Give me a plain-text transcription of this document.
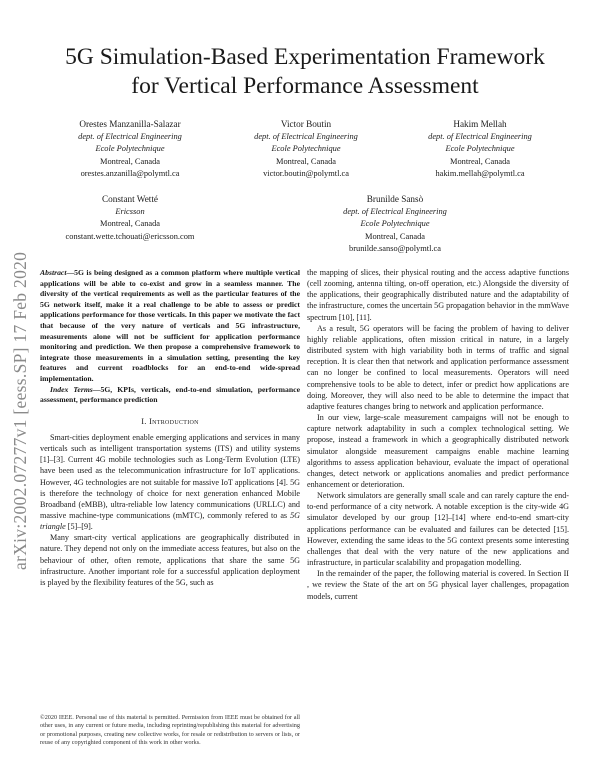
arXiv:2002.07277v1 [eess.SP] 17 Feb 2020
5G Simulation-Based Experimentation Framework
for Vertical Performance Assessment
Orestes Manzanilla-Salazar
dept. of Electrical Engineering
Ecole Polytechnique
Montreal, Canada
orestes.anzanilla@polymtl.ca
Victor Boutin
dept. of Electrical Engineering
Ecole Polytechnique
Montreal, Canada
victor.boutin@polymtl.ca
Hakim Mellah
dept. of Electrical Engineering
Ecole Polytechnique
Montreal, Canada
hakim.mellah@polymtl.ca
Constant Wetté
Ericsson
Montreal, Canada
constant.wette.tchouati@ericsson.com
Brunilde Sansò
dept. of Electrical Engineering
Ecole Polytechnique
Montreal, Canada
brunilde.sanso@polymtl.ca

Abstract—5G is being designed as a common platform where multiple vertical applications will be able to co-exist and grow in a seamless manner. The diversity of the vertical requirements as well as the particular features of the 5G network itself, make it a real challenge to be able to assess or predict applications performance for those verticals. In this paper we motivate the fact that because of the very nature of verticals and 5G infrastructure, measurements alone will not be sufficient for application performance monitoring and prediction. We then propose a comprehensive framework to integrate those measurements in a simulation setting, presenting the key features and current roadblocks for an end-to-end wide-spread implementation.

Index Terms—5G, KPIs, verticals, end-to-end simulation, performance assessment, performance prediction

I. Introduction

Smart-cities deployment enable emerging applications and services in many verticals such as intelligent transportation systems (ITS) and utility systems [1]–[3]. Current 4G mobile technologies such as Long-Term Evolution (LTE) have been used as the telecommunication infrastructure for IoT applications. However, 4G technologies are not suitable for massive IoT applications [4]. 5G is therefore the technology of choice for next generation enhanced Mobile Broadband (eMBB), ultra-reliable low latency communications (URLLC) and massive machine-type communications (mMTC), commonly refered to as 5G triangle [5]–[9].

Many smart-city vertical applications are geographically distributed in nature. They depend not only on the immediate access features, but also on the behaviour of other, often remote, applications that share the same 5G infrastructure. Another important role for a successful application deployment is played by the flexibility features of the 5G, such as

©2020 IEEE. Personal use of this material is permitted. Permission from IEEE must be obtained for all other uses, in any current or future media, including reprinting/republishing this material for advertising or promotional purposes, creating new collective works, for resale or redistribution to servers or lists, or reuse of any copyrighted component of this work in other works.

the mapping of slices, their physical routing and the access adaptive functions (cell zooming, antenna tilting, on-off operation, etc.) Alongside the diversity of the applications, their geographically distributed nature and the adaptability of the infrastructure, comes the uncertain 5G propagation behavior in the mmWave spectrum [10], [11].

As a result, 5G operators will be facing the problem of having to deliver highly reliable applications, often mission critical in nature, in a largely distributed system with high variability both in terms of traffic and signal reception. It is clear then that network and application performance assessment can no longer be confined to local measurements. Operators will need comprehensive tools to be able to detect, infer or predict how applications are doing. Moreover, they will also need to be able to determine the impact that adaptive features changes bring to network and application performance.

In our view, large-scale measurement campaigns will not be enough to capture network adaptability in such a complex technological setting. We propose, instead a framework in which a geographically distributed network simulator alongside measurement campaigns enable machine learning algorithms to assess application behaviour, evaluate the impact of operational changes, detect network or applications anomalies and predict performance enhancement or deterioration.

Network simulators are generally small scale and can rarely capture the end-to-end performance of a city network. A notable exception is the city-wide 4G simulator developed by our group [12]–[14] where end-to-end smart-city applications performance can be evaluated and failures can be detected [15]. However, extending the same ideas to the 5G context presents some interesting challenges that deal with the very nature of the new applications and infrastructure, in particular scalability and propagation modelling.

In the remainder of the paper, the following material is covered. In Section II , we review the State of the art on 5G physical layer challenges, propagation models, current
